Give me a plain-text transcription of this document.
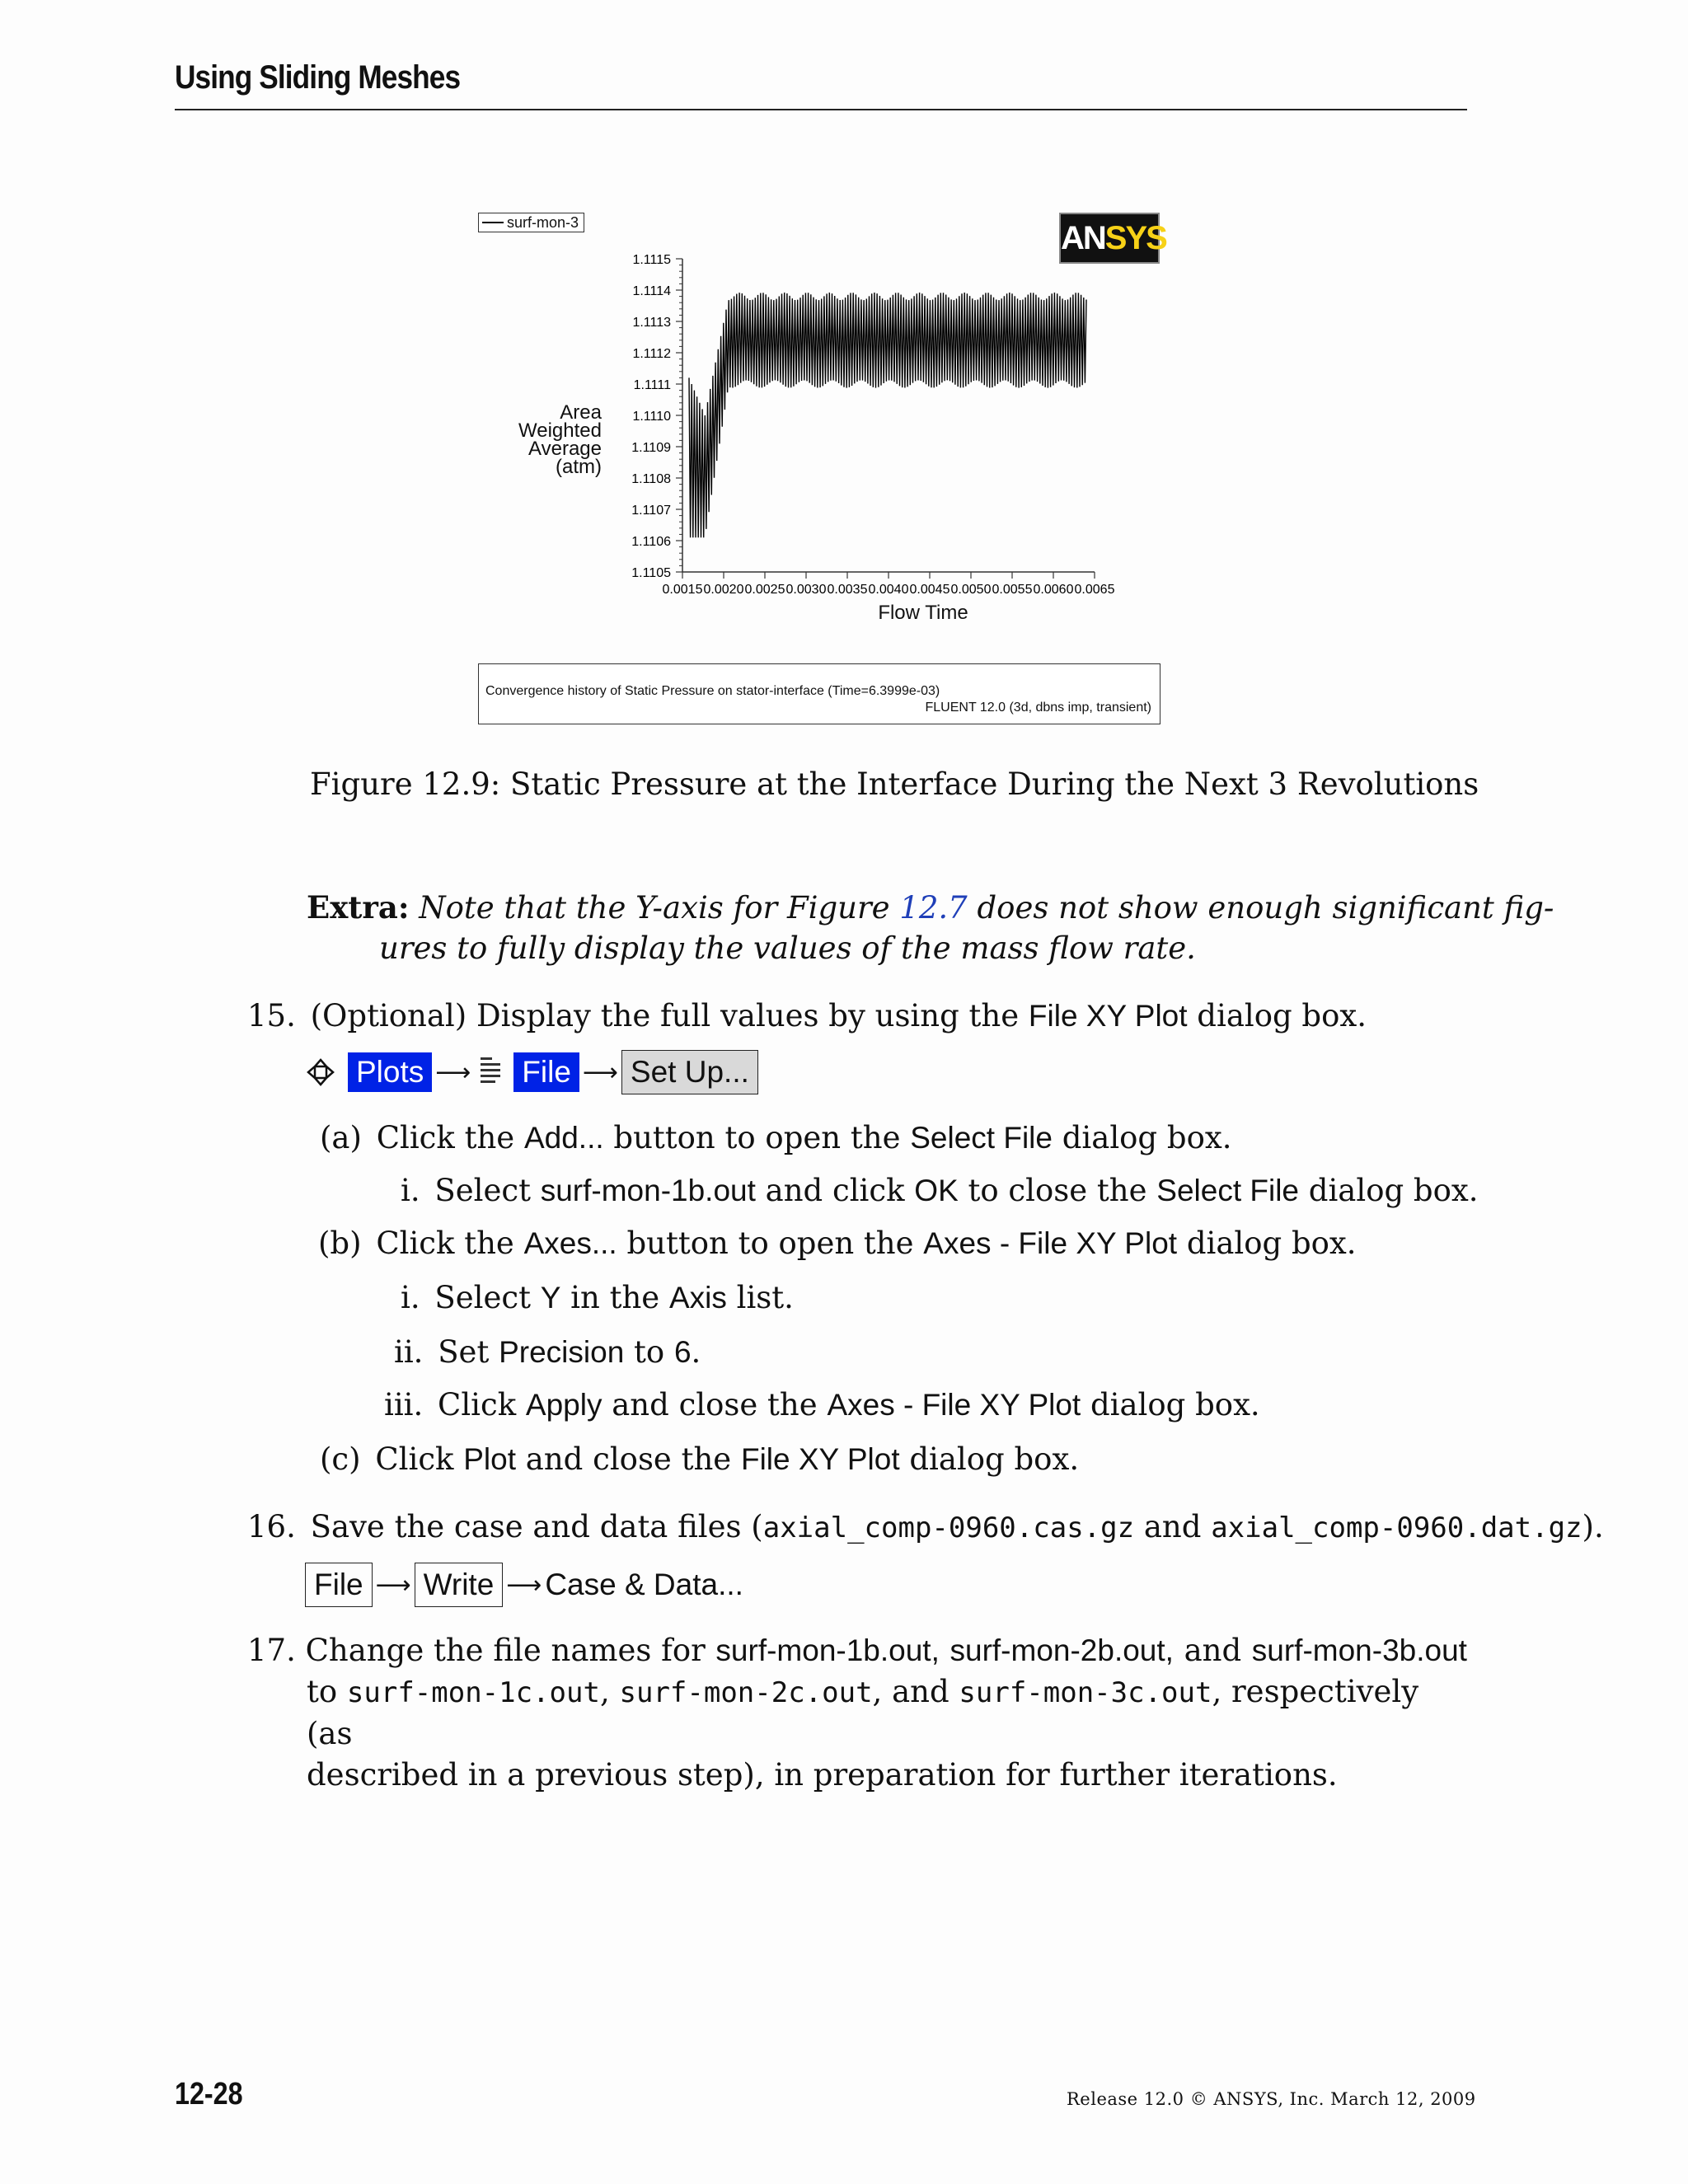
Using Sliding Meshes
surf-mon-3	ANSYS
Area
Weighted
Average
(atm)
1.1105
1.1106
1.1107
1.1108
1.1109
1.1110
1.1111
1.1112
1.1113
1.1114
1.1115
0.0015 0.0020 0.0025 0.0030 0.0035 0.0040 0.0045 0.0050 0.0055 0.0060 0.0065
Flow Time
Convergence history of Static Pressure on stator-interface (Time=6.3999e-03)
FLUENT 12.0 (3d, dbns imp, transient)
Figure 12.9: Static Pressure at the Interface During the Next 3 Revolutions
Extra: Note that the Y-axis for Figure 12.7 does not show enough significant fig-
ures to fully display the values of the mass flow rate.
15. (Optional) Display the full values by using the File XY Plot dialog box.
Plots ⟶ File ⟶ Set Up...
(a) Click the Add... button to open the Select File dialog box.
i. Select surf-mon-1b.out and click OK to close the Select File dialog box.
(b) Click the Axes... button to open the Axes - File XY Plot dialog box.
i. Select Y in the Axis list.
ii. Set Precision to 6.
iii. Click Apply and close the Axes - File XY Plot dialog box.
(c) Click Plot and close the File XY Plot dialog box.
16. Save the case and data files (axial_comp-0960.cas.gz and axial_comp-0960.dat.gz).
File ⟶ Write ⟶ Case & Data...
17. Change the file names for surf-mon-1b.out, surf-mon-2b.out, and surf-mon-3b.out
to surf-mon-1c.out, surf-mon-2c.out, and surf-mon-3c.out, respectively (as
described in a previous step), in preparation for further iterations.
12-28	Release 12.0 © ANSYS, Inc. March 12, 2009
